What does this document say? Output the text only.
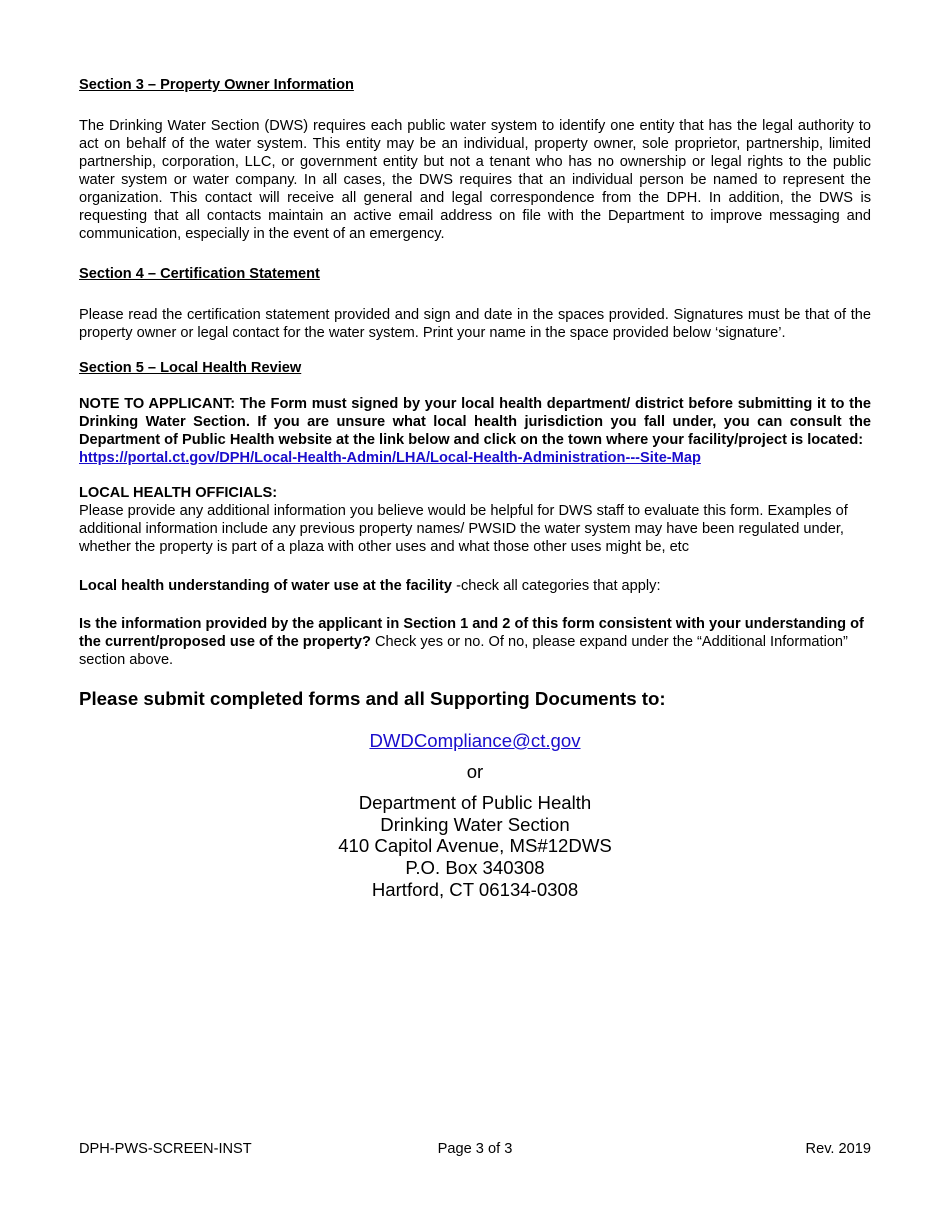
Section 3 – Property Owner Information

The Drinking Water Section (DWS) requires each public water system to identify one entity that has the legal authority to act on behalf of the water system. This entity may be an individual, property owner, sole proprietor, partnership, limited partnership, corporation, LLC, or government entity but not a tenant who has no ownership or legal rights to the public water system or water company. In all cases, the DWS requires that an individual person be named to represent the organization. This contact will receive all general and legal correspondence from the DPH. In addition, the DWS is requesting that all contacts maintain an active email address on file with the Department to improve messaging and communication, especially in the event of an emergency.

Section 4 – Certification Statement

Please read the certification statement provided and sign and date in the spaces provided. Signatures must be that of the property owner or legal contact for the water system. Print your name in the space provided below ‘signature’.

Section 5 – Local Health Review

NOTE TO APPLICANT: The Form must signed by your local health department/ district before submitting it to the Drinking Water Section. If you are unsure what local health jurisdiction you fall under, you can consult the Department of Public Health website at the link below and click on the town where your facility/project is located:

https://portal.ct.gov/DPH/Local-Health-Admin/LHA/Local-Health-Administration---Site-Map

LOCAL HEALTH OFFICIALS:

Please provide any additional information you believe would be helpful for DWS staff to evaluate this form. Examples of additional information include any previous property names/ PWSID the water system may have been regulated under, whether the property is part of a plaza with other uses and what those other uses might be, etc

Local health understanding of water use at the facility -check all categories that apply:

Is the information provided by the applicant in Section 1 and 2 of this form consistent with your understanding of the current/proposed use of the property? Check yes or no. Of no, please expand under the “Additional Information” section above.

Please submit completed forms and all Supporting Documents to:
DWDCompliance@ct.gov
or
Department of Public Health
Drinking Water Section
410 Capitol Avenue, MS#12DWS
P.O. Box 340308
Hartford, CT 06134-0308
DPH-PWS-SCREEN-INST	Page 3 of 3	Rev. 2019
